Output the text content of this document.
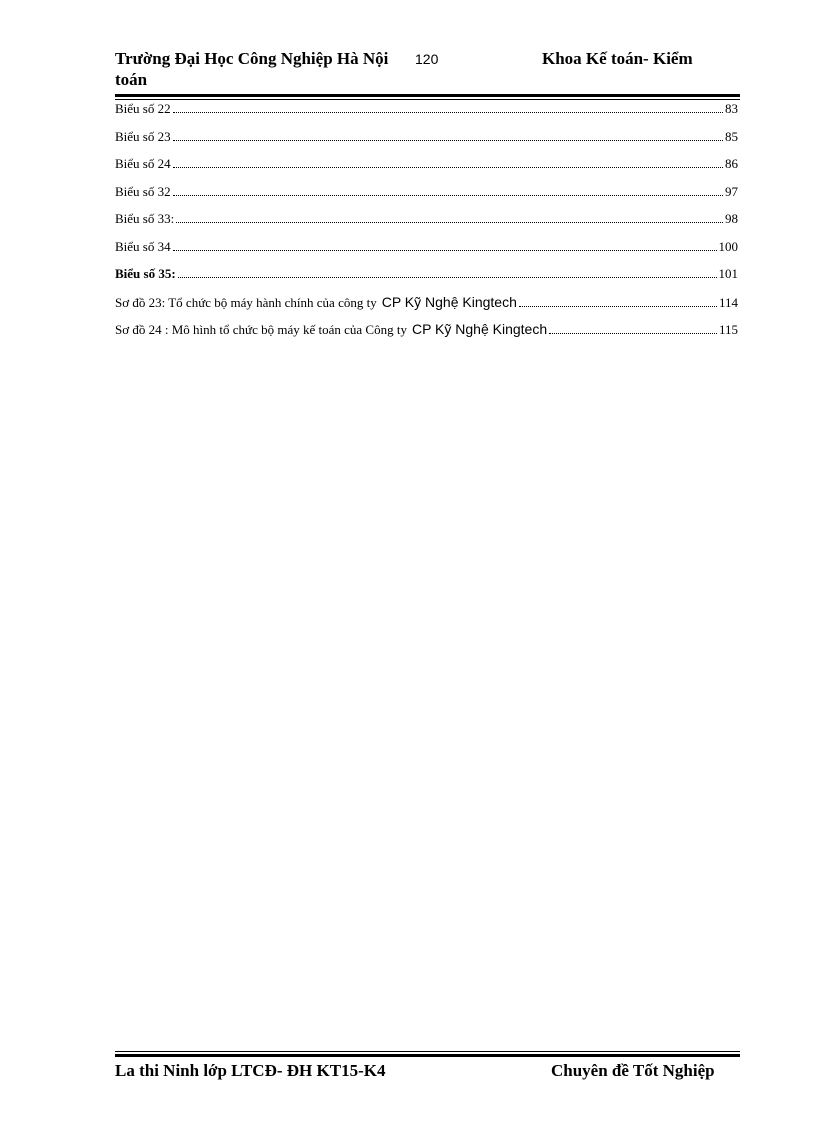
Trường Đại Học Công Nghiệp Hà Nội 120	Khoa Kế toán- Kiểm
toán
Biểu số 22	83
Biểu số 23	85
Biểu số 24	86
Biểu số 32	97
Biểu số 33:	98
Biểu số 34	100
Biểu số 35:	101
Sơ đồ 23: Tổ chức bộ máy hành chính của công ty CP Kỹ Nghệ Kingtech	114
Sơ đồ 24 : Mô hình tổ chức bộ máy kế toán của Công ty CP Kỹ Nghệ Kingtech	115
La thi Ninh lớp LTCĐ- ĐH KT15-K4	Chuyên đề Tốt Nghiệp
